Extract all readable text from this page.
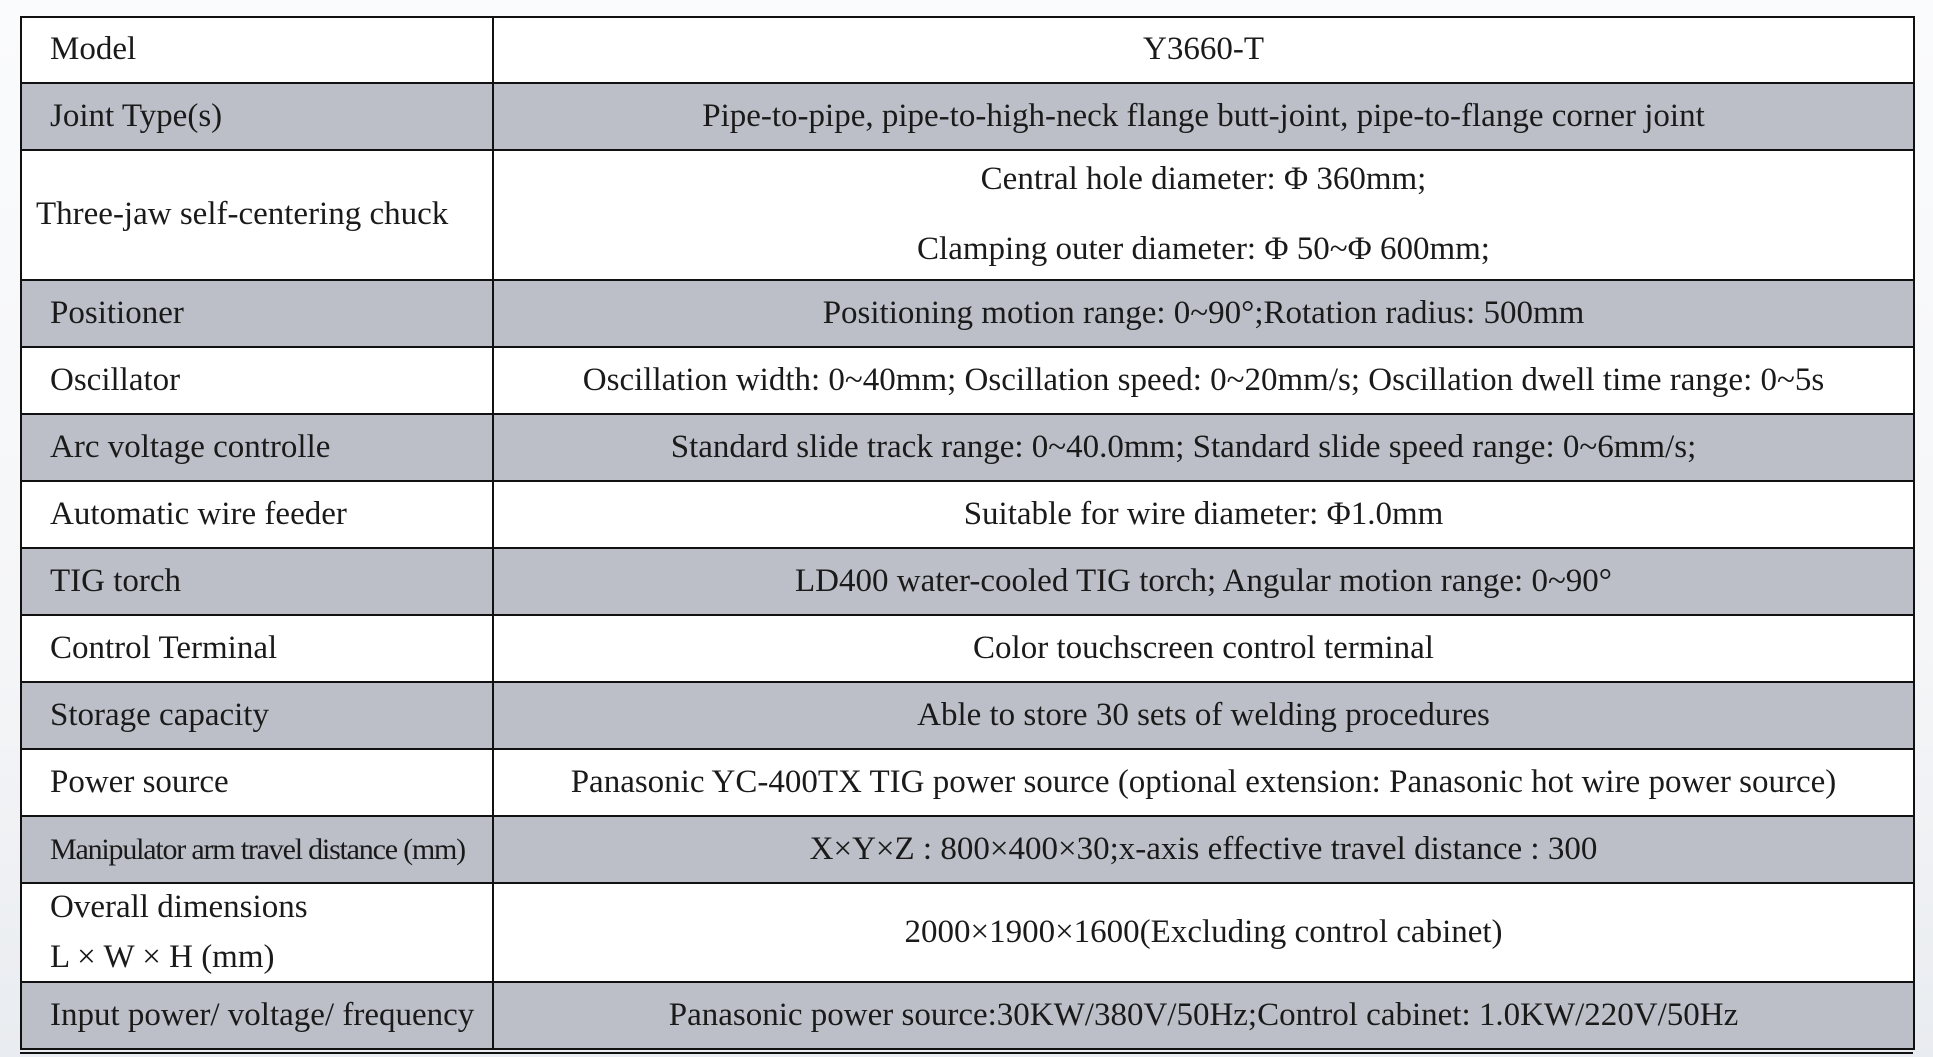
Model	Y3660-T
Joint Type(s)	Pipe-to-pipe, pipe-to-high-neck flange butt-joint, pipe-to-flange corner joint
Three-jaw self-centering chuck	Central hole diameter: Φ 360mm;
Clamping outer diameter: Φ 50~Φ 600mm;

Positioner	Positioning motion range: 0~90°;Rotation radius: 500mm
Oscillator	Oscillation width: 0~40mm; Oscillation speed: 0~20mm/s; Oscillation dwell time range: 0~5s
Arc voltage controlle	Standard slide track range: 0~40.0mm; Standard slide speed range: 0~6mm/s;
Automatic wire feeder	Suitable for wire diameter: Φ1.0mm
TIG torch	LD400 water-cooled TIG torch; Angular motion range: 0~90°
Control Terminal	Color touchscreen control terminal
Storage capacity	Able to store 30 sets of welding procedures
Power source	Panasonic YC-400TX TIG power source (optional extension: Panasonic hot wire power source)
Manipulator arm travel distance (mm)	X×Y×Z : 800×400×30;x-axis effective travel distance : 300

Overall dimensions
L × W × H (mm)	2000×1900×1600(Excluding control cabinet)
Input power/ voltage/ frequency	Panasonic power source:30KW/380V/50Hz;Control cabinet: 1.0KW/220V/50Hz
